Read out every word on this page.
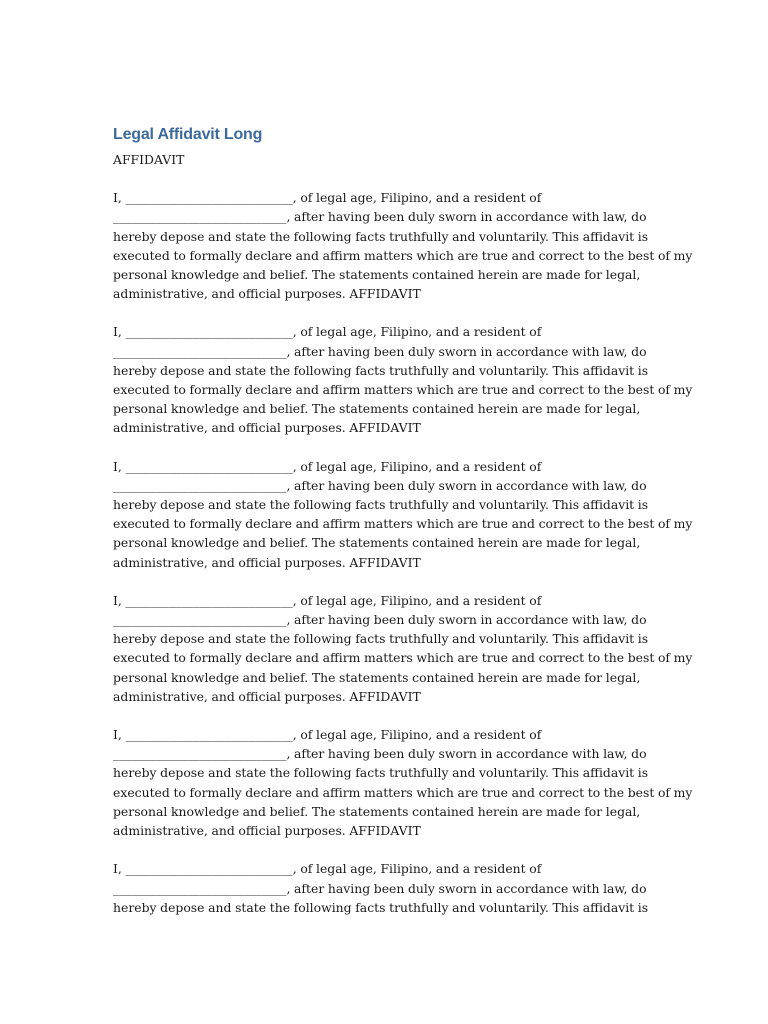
Legal Affidavit Long
AFFIDAVIT

I, ___________________________, of legal age, Filipino, and a resident of
____________________________, after having been duly sworn in accordance with law, do
hereby depose and state the following facts truthfully and voluntarily. This affidavit is
executed to formally declare and affirm matters which are true and correct to the best of my
personal knowledge and belief. The statements contained herein are made for legal,
administrative, and official purposes. AFFIDAVIT

I, ___________________________, of legal age, Filipino, and a resident of
____________________________, after having been duly sworn in accordance with law, do
hereby depose and state the following facts truthfully and voluntarily. This affidavit is
executed to formally declare and affirm matters which are true and correct to the best of my
personal knowledge and belief. The statements contained herein are made for legal,
administrative, and official purposes. AFFIDAVIT

I, ___________________________, of legal age, Filipino, and a resident of
____________________________, after having been duly sworn in accordance with law, do
hereby depose and state the following facts truthfully and voluntarily. This affidavit is
executed to formally declare and affirm matters which are true and correct to the best of my
personal knowledge and belief. The statements contained herein are made for legal,
administrative, and official purposes. AFFIDAVIT

I, ___________________________, of legal age, Filipino, and a resident of
____________________________, after having been duly sworn in accordance with law, do
hereby depose and state the following facts truthfully and voluntarily. This affidavit is
executed to formally declare and affirm matters which are true and correct to the best of my
personal knowledge and belief. The statements contained herein are made for legal,
administrative, and official purposes. AFFIDAVIT

I, ___________________________, of legal age, Filipino, and a resident of
____________________________, after having been duly sworn in accordance with law, do
hereby depose and state the following facts truthfully and voluntarily. This affidavit is
executed to formally declare and affirm matters which are true and correct to the best of my
personal knowledge and belief. The statements contained herein are made for legal,
administrative, and official purposes. AFFIDAVIT

I, ___________________________, of legal age, Filipino, and a resident of
____________________________, after having been duly sworn in accordance with law, do
hereby depose and state the following facts truthfully and voluntarily. This affidavit is
